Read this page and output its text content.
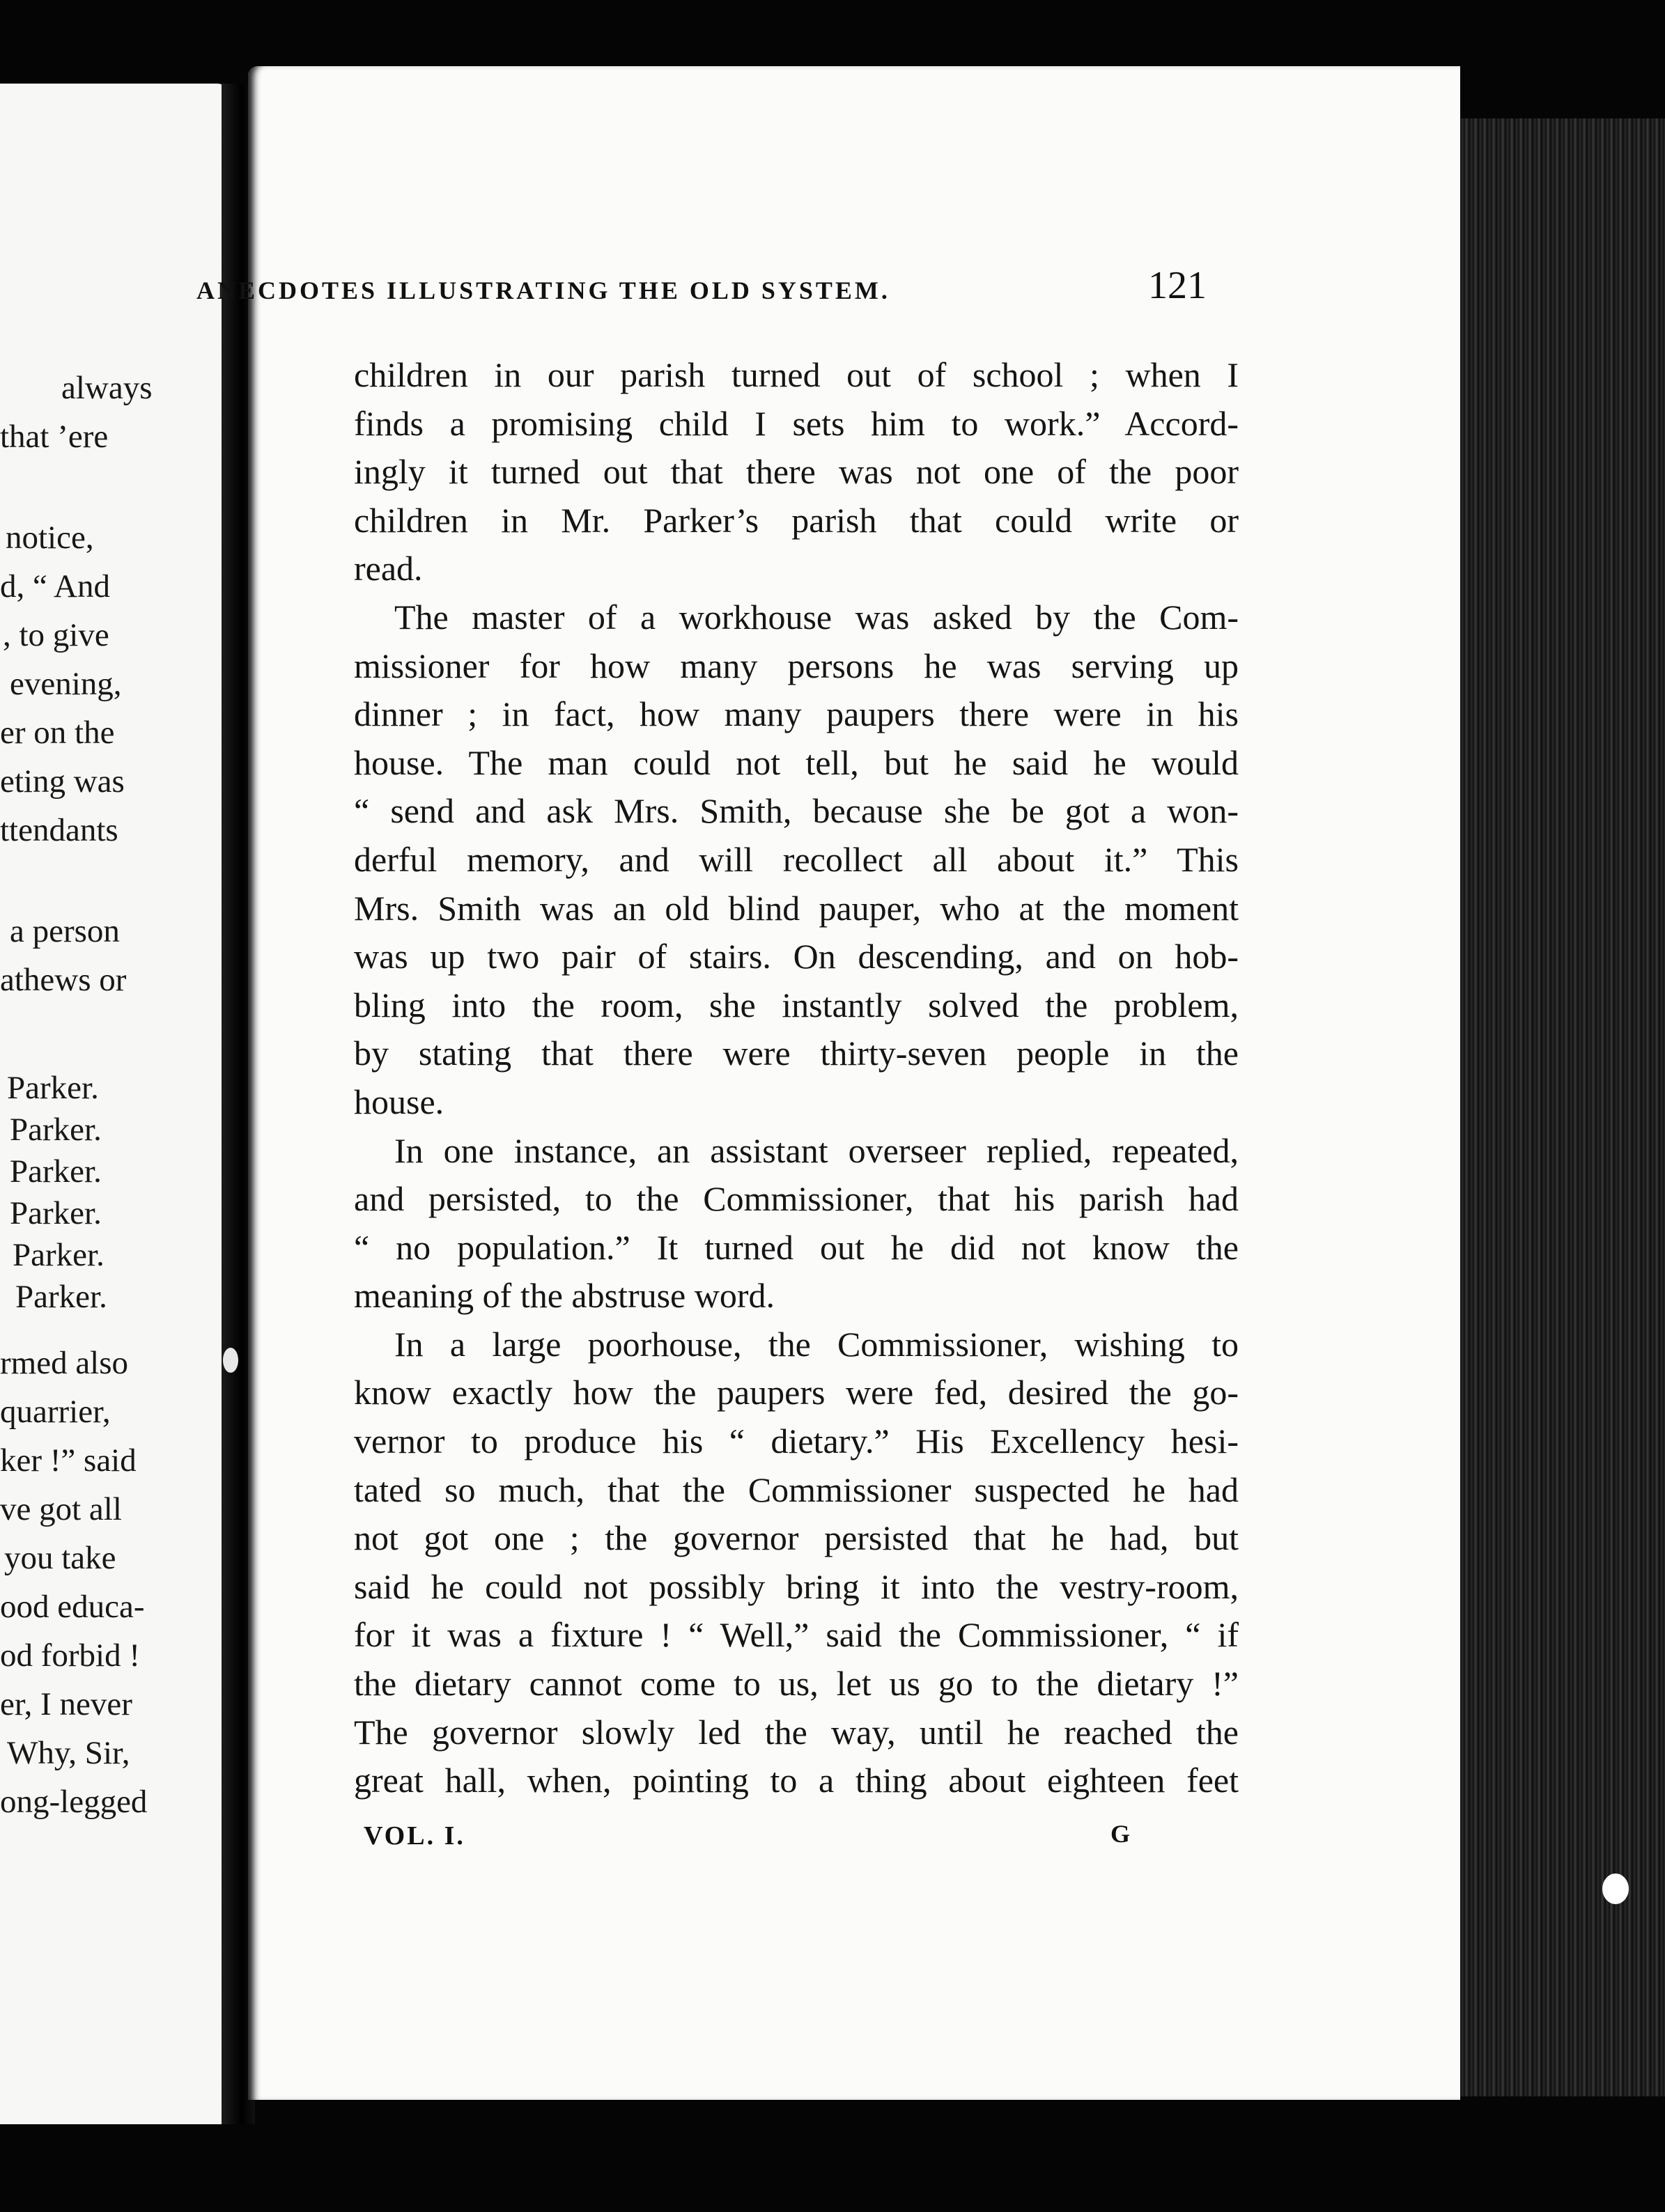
always
that ’ere
notice,
d, “ And
, to give
evening,
er on the
eting was
ttendants
a person
athews or
Parker.
Parker.
Parker.
Parker.
Parker.
Parker.
rmed also
quarrier,
ker !” said
ve got all
you take
ood educa-
od forbid !
er, I never
Why, Sir,
ong-legged
ANECDOTES ILLUSTRATING THE OLD SYSTEM.	121
children in our parish turned out of school ; when I
finds a promising child I sets him to work.” Accord-
ingly it turned out that there was not one of the poor
children in Mr. Parker’s parish that could write or
read.
The master of a workhouse was asked by the Com-
missioner for how many persons he was serving up
dinner ; in fact, how many paupers there were in his
house. The man could not tell, but he said he would
“ send and ask Mrs. Smith, because she be got a won-
derful memory, and will recollect all about it.” This
Mrs. Smith was an old blind pauper, who at the moment
was up two pair of stairs. On descending, and on hob-
bling into the room, she instantly solved the problem,
by stating that there were thirty-seven people in the
house.
In one instance, an assistant overseer replied, repeated,
and persisted, to the Commissioner, that his parish had
“ no population.” It turned out he did not know the
meaning of the abstruse word.
In a large poorhouse, the Commissioner, wishing to
know exactly how the paupers were fed, desired the go-
vernor to produce his “ dietary.” His Excellency hesi-
tated so much, that the Commissioner suspected he had
not got one ; the governor persisted that he had, but
said he could not possibly bring it into the vestry-room,
for it was a fixture ! “ Well,” said the Commissioner, “ if
the dietary cannot come to us, let us go to the dietary !”
The governor slowly led the way, until he reached the
great hall, when, pointing to a thing about eighteen feet
VOL. I.	G
